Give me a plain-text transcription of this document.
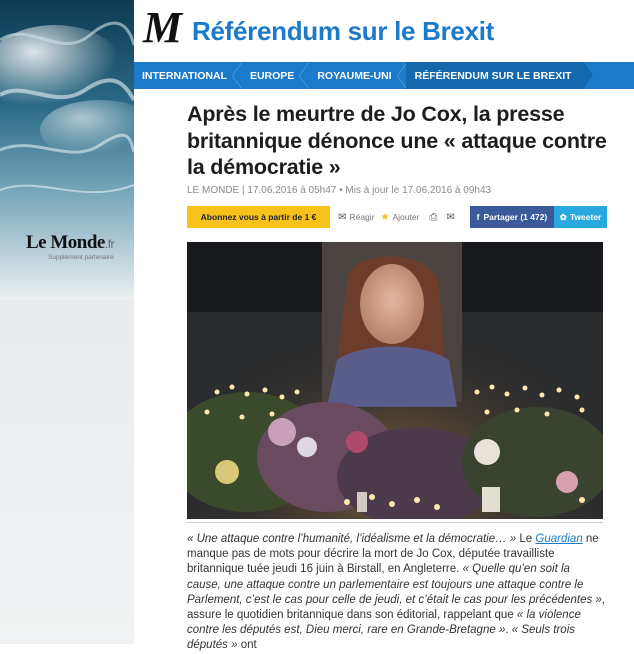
Le Monde.fr
Supplément partenaire
M Référendum sur le Brexit
INTERNATIONAL	EUROPE	ROYAUME-UNI	RÉFÉRENDUM SUR LE BREXIT
Après le meurtre de Jo Cox, la presse britannique dénonce une « attaque contre la démocratie »
LE MONDE | 17.06.2016 à 05h47 • Mis à jour le 17.06.2016 à 09h43
Abonnez vous à partir de 1 €	✉ Réagir ★ Ajouter ⎙ ✉	f Partager (1 472) ✿ Tweeter

« Une attaque contre l’humanité, l’idéalisme et la démocratie… » Le Guardian ne manque pas de mots pour décrire la mort de Jo Cox, députée travailliste britannique tuée jeudi 16 juin à Birstall, en Angleterre. « Quelle qu’en soit la cause, une attaque contre un parlementaire est toujours une attaque contre le Parlement, c’est le cas pour celle de jeudi, et c’était le cas pour les précédentes », assure le quotidien britannique dans son éditorial, rappelant que « la violence contre les députés est, Dieu merci, rare en Grande-Bretagne ». « Seuls trois députés » ont
